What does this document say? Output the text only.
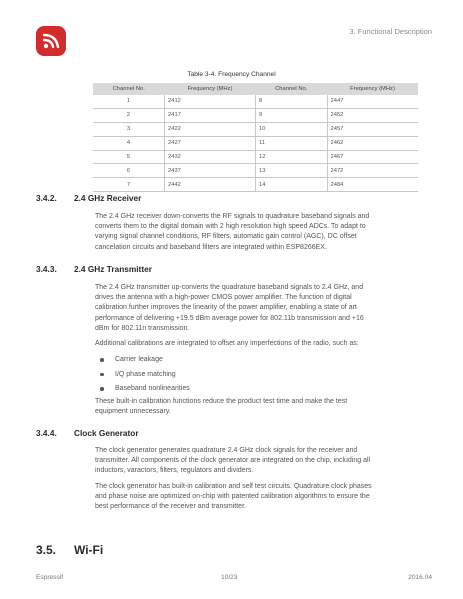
3. Functional Description
Table 3-4. Frequency Channel
Channel No.	Frequency (MHz)	Channel No.	Frequency (MHz)
1	2412	8	2447
2	2417	9	2452
3	2422	10	2457
4	2427	11	2462
5	2432	12	2467
6	2437	13	2472
7	2442	14	2484
3.4.2. 2.4 GHz Receiver
The 2.4 GHz receiver down-converts the RF signals to quadrature baseband signals and
converts them to the digital domain with 2 high resolution high speed ADCs. To adapt to
varying signal channel conditions, RF filters, automatic gain control (AGC), DC offset
cancelation circuits and baseband filters are integrated within ESP8266EX.
3.4.3. 2.4 GHz Transmitter
The 2.4 GHz transmitter up-converts the quadrature baseband signals to 2.4 GHz, and
drives the antenna with a high-power CMOS power amplifier. The function of digital
calibration further improves the linearity of the power amplifier, enabling a state of art
performance of delivering +19.5 dBm average power for 802.11b transmission and +16
dBm for 802.11n transmission.
Additional calibrations are integrated to offset any imperfections of the radio, such as:
Carrier leakage
I/Q phase matching
Baseband nonlinearities
These built-in calibration functions reduce the product test time and make the test
equipment unnecessary.
3.4.4. Clock Generator
The clock generator generates quadrature 2.4 GHz clock signals for the receiver and
transmitter. All components of the clock generator are integrated on the chip, including all
inductors, varactors, filters, regulators and dividers.
The clock generator has built-in calibration and self test circuits. Quadrature clock phases
and phase noise are optimized on-chip with patented calibration algorithms to ensure the
best performance of the receiver and transmitter.
3.5. Wi-Fi
Espressif	10/23	2016.04
